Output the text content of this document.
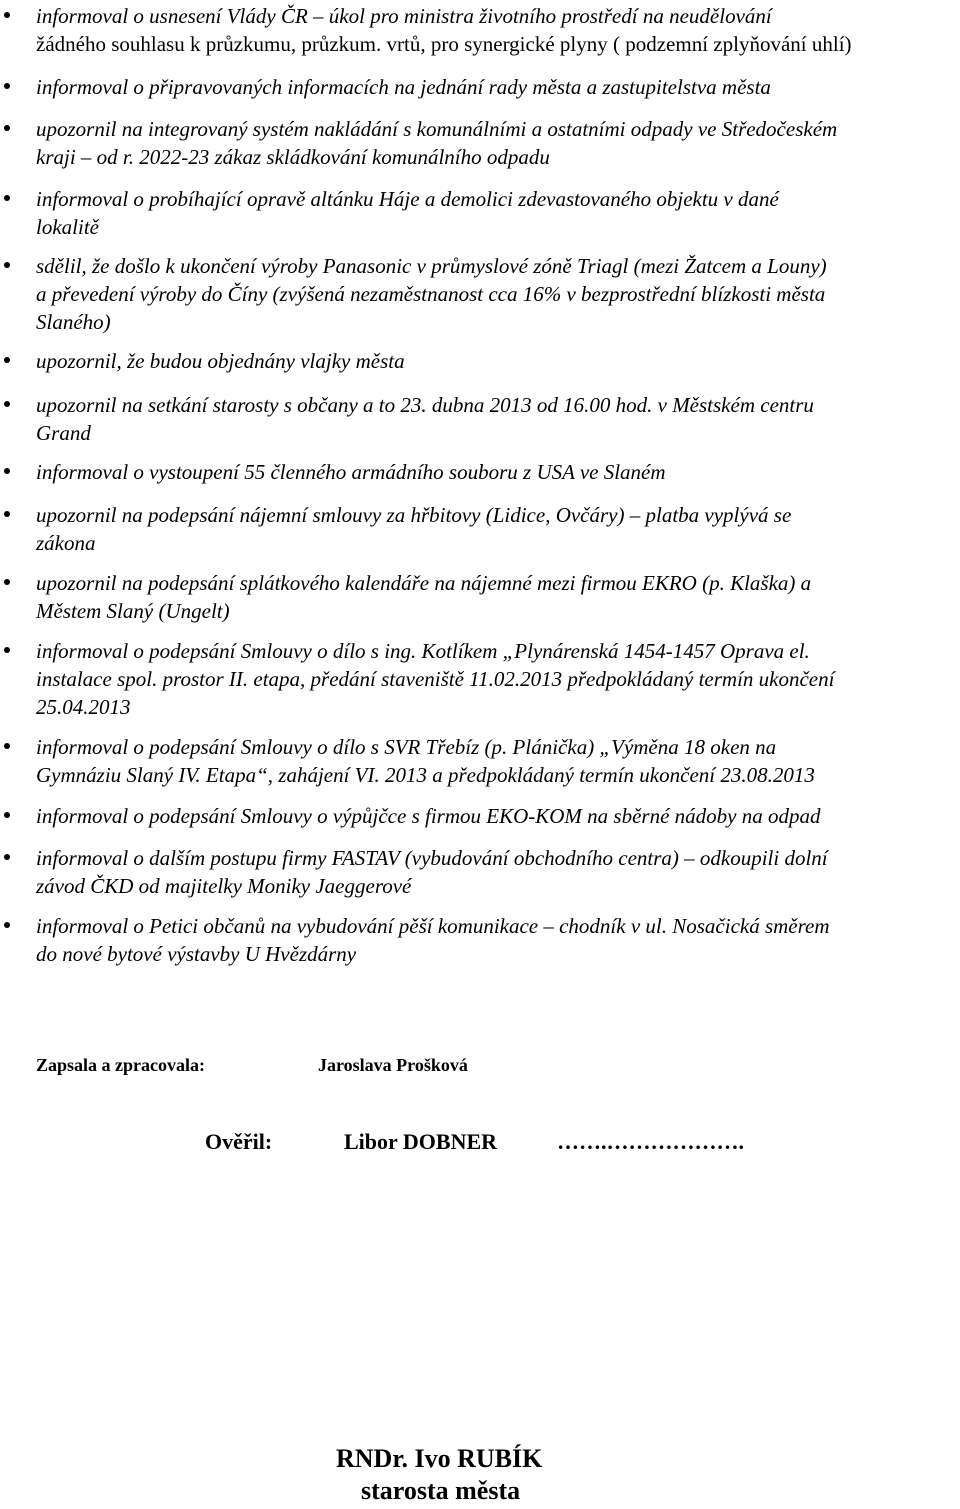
informoval o usnesení Vlády ČR – úkol pro ministra životního prostředí na neudělování
žádného souhlasu k průzkumu, průzkum. vrtů, pro synergické plyny ( podzemní zplyňování uhlí)
informoval o připravovaných informacích na jednání rady města a zastupitelstva města
upozornil na integrovaný systém nakládání s komunálními a ostatními odpady ve Středočeském
kraji – od r. 2022-23 zákaz skládkování komunálního odpadu
informoval o probíhající opravě altánku Háje a demolici zdevastovaného objektu v dané
lokalitě
sdělil, že došlo k ukončení výroby Panasonic v průmyslové zóně Triagl (mezi Žatcem a Louny)
a převedení výroby do Číny (zvýšená nezaměstnanost cca 16% v bezprostřední blízkosti města
Slaného)
upozornil, že budou objednány vlajky města
upozornil na setkání starosty s občany a to 23. dubna 2013 od 16.00 hod. v Městském centru
Grand
informoval o vystoupení 55 členného armádního souboru z USA ve Slaném
upozornil na podepsání nájemní smlouvy za hřbitovy (Lidice, Ovčáry) – platba vyplývá se
zákona
upozornil na podepsání splátkového kalendáře na nájemné mezi firmou EKRO (p. Klaška) a
Městem Slaný (Ungelt)
informoval o podepsání Smlouvy o dílo s ing. Kotlíkem „Plynárenská 1454-1457 Oprava el.
instalace spol. prostor II. etapa, předání staveniště 11.02.2013 předpokládaný termín ukončení
25.04.2013
informoval o podepsání Smlouvy o dílo s SVR Třebíz (p. Plánička) „Výměna 18 oken na
Gymnáziu Slaný IV. Etapa“, zahájení VI. 2013 a předpokládaný termín ukončení 23.08.2013
informoval o podepsání Smlouvy o výpůjčce s firmou EKO-KOM na sběrné nádoby na odpad
informoval o dalším postupu firmy FASTAV (vybudování obchodního centra) – odkoupili dolní
závod ČKD od majitelky Moniky Jaeggerové
informoval o Petici občanů na vybudování pěší komunikace – chodník v ul. Nosačická směrem
do nové bytové výstavby U Hvězdárny
Zapsala a zpracovala:	Jaroslava Prošková
Ověřil:	Libor DOBNER	…….……………….
RNDr. Ivo RUBÍK
starosta města
